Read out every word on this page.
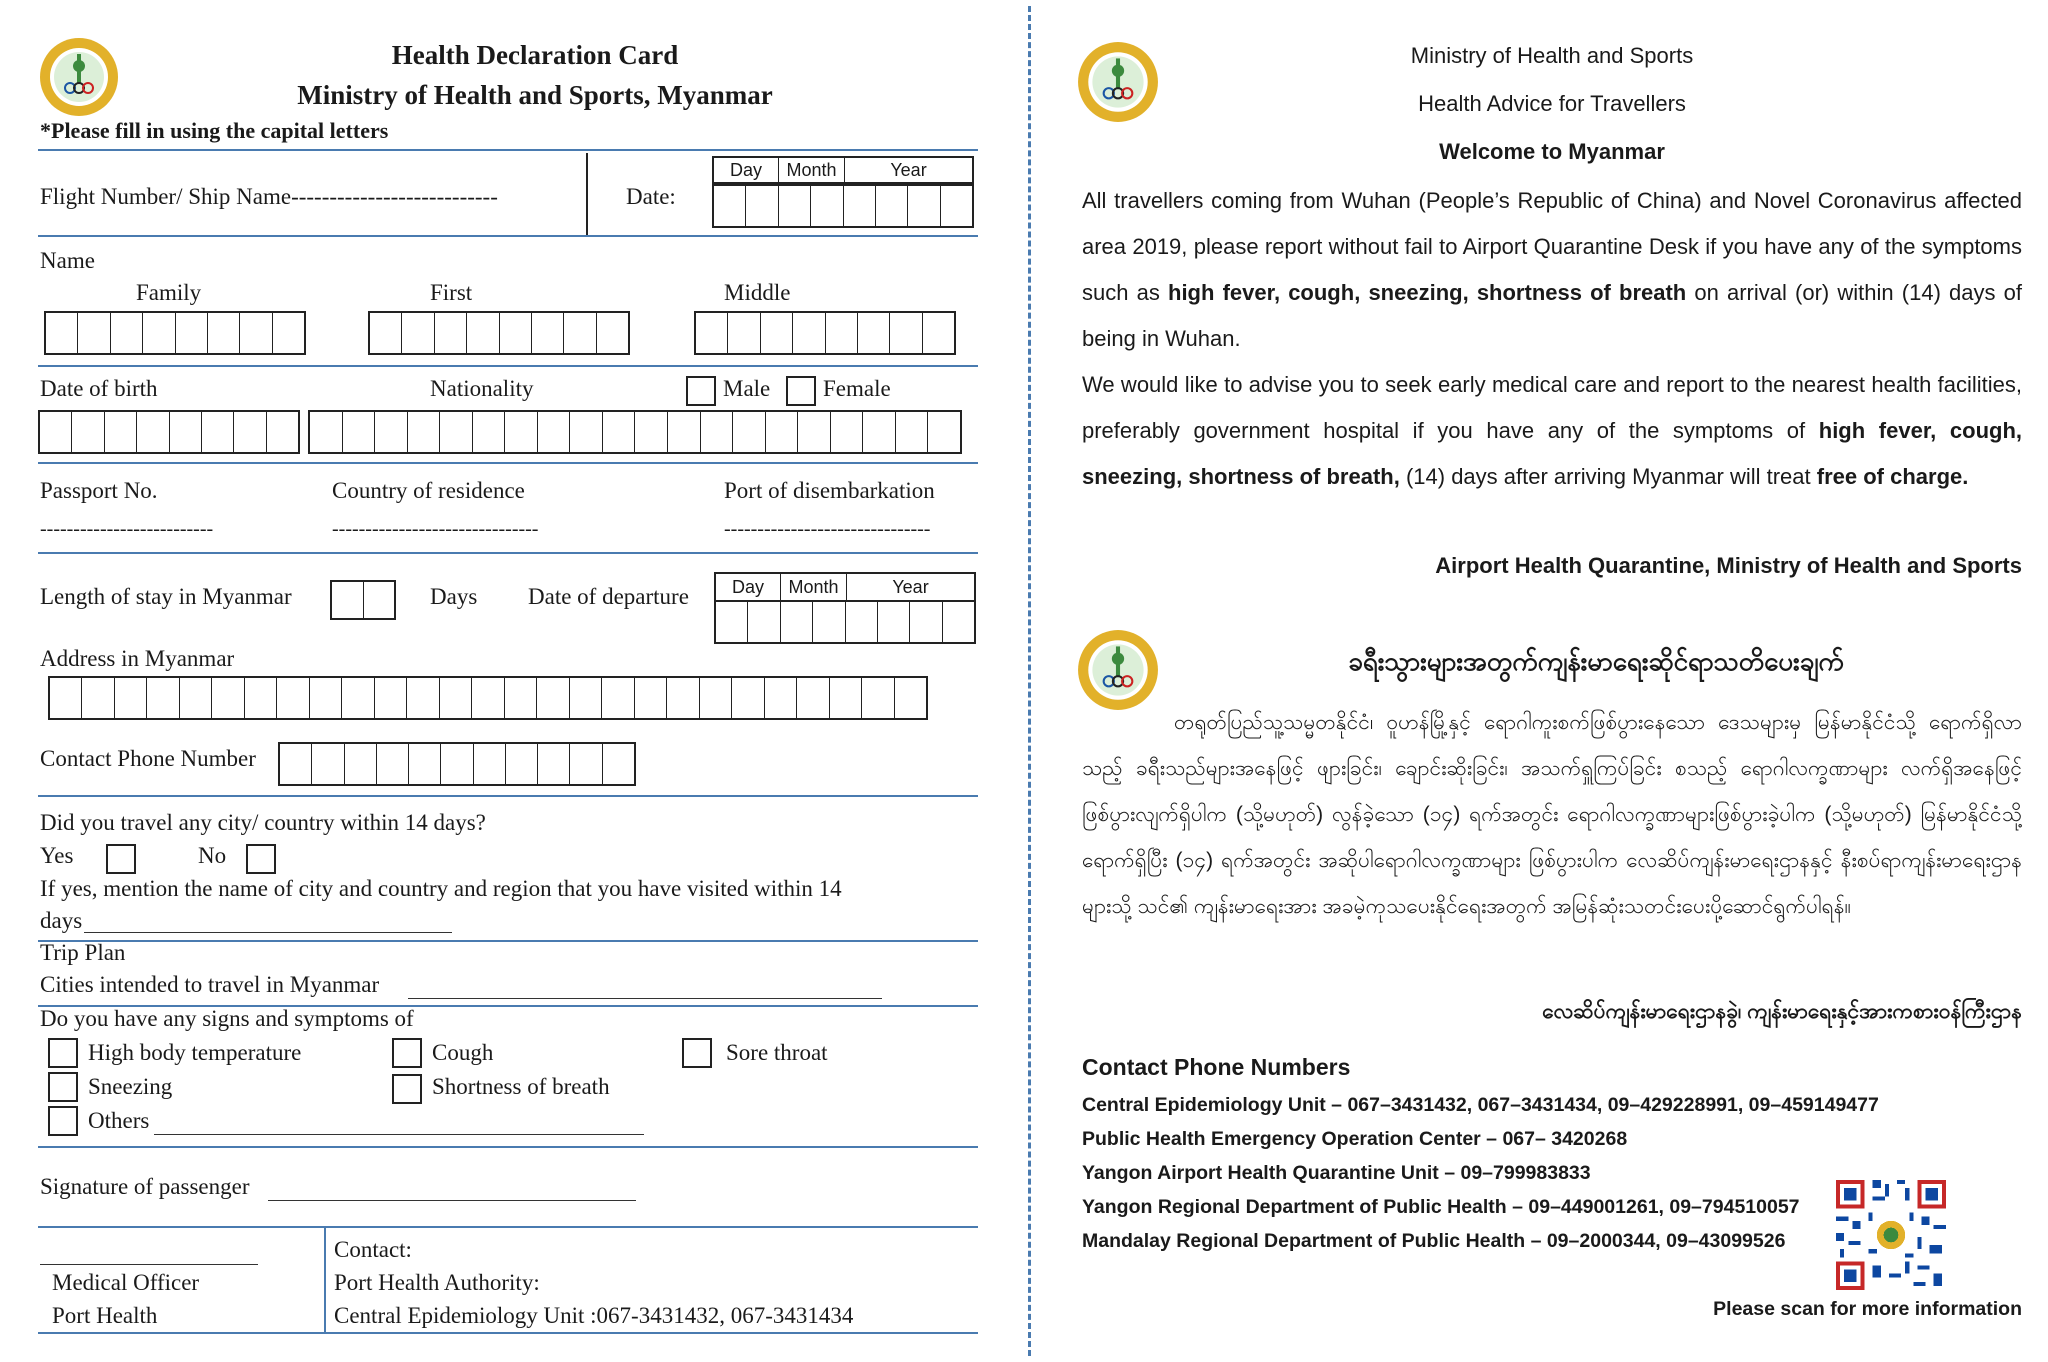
Health Declaration Card
Ministry of Health and Sports, Myanmar
*Please fill in using the capital letters
Flight Number/ Ship Name---------------------------	Date:
Day	Month	Year
Name
Family	First	Middle
Date of birth	Nationality	Male Female
Passport No.	Country of residence	Port of disembarkation
--------------------------	-------------------------------	-------------------------------
Length of stay in Myanmar	Days Date of departure	Day	Month	Year
Address in Myanmar
Contact Phone Number
Did you travel any city/ country within 14 days?
Yes	No
If yes, mention the name of city and country and region that you have visited within 14
days
Trip Plan
Cities intended to travel in Myanmar
Do you have any signs and symptoms of
High body temperature	Cough	Sore throat
Sneezing	Shortness of breath
Others
Signature of passenger
Medical Officer
Port Health
Contact:
Port Health Authority:
Central Epidemiology Unit :067-3431432, 067-3431434
Ministry of Health and Sports
Health Advice for Travellers
Welcome to Myanmar
All travellers coming from Wuhan (People’s Republic of China) and Novel Coronavirus affected area 2019, please report without fail to Airport Quarantine Desk if you have any of the symptoms such as high fever, cough, sneezing, shortness of breath on arrival (or) within (14) days of being in Wuhan.
We would like to advise you to seek early medical care and report to the nearest health facilities, preferably government hospital if you have any of the symptoms of high fever, cough, sneezing, shortness of breath, (14) days after arriving Myanmar will treat free of charge.
Airport Health Quarantine, Ministry of Health and Sports
ခရီးသွားများအတွက်ကျန်းမာရေးဆိုင်ရာသတိပေးချက်
တရုတ်ပြည်သူ့သမ္မတနိုင်ငံ၊ ဝူဟန်မြို့နှင့် ရောဂါကူးစက်ဖြစ်ပွားနေသော ဒေသများမှ မြန်မာနိုင်ငံသို့ ရောက်ရှိလာသည့် ခရီးသည်များအနေဖြင့် ဖျားခြင်း၊ ချောင်းဆိုးခြင်း၊ အသက်ရှူကြပ်ခြင်း စသည့် ရောဂါလက္ခဏာများ လက်ရှိအနေဖြင့် ဖြစ်ပွားလျက်ရှိပါက (သို့မဟုတ်) လွန်ခဲ့သော (၁၄) ရက်အတွင်း ရောဂါလက္ခဏာများဖြစ်ပွားခဲ့ပါက (သို့မဟုတ်) မြန်မာနိုင်ငံသို့ရောက်ရှိပြီး (၁၄) ရက်အတွင်း အဆိုပါရောဂါလက္ခဏာများ ဖြစ်ပွားပါက လေဆိပ်ကျန်းမာရေးဌာနနှင့် နီးစပ်ရာကျန်းမာရေးဌာနများသို့ သင်၏ ကျန်းမာရေးအား အခမဲ့ကုသပေးနိုင်ရေးအတွက် အမြန်ဆုံးသတင်းပေးပို့ဆောင်ရွက်ပါရန်။
လေဆိပ်ကျန်းမာရေးဌာနခွဲ၊ ကျန်းမာရေးနှင့်အားကစားဝန်ကြီးဌာန
Contact Phone Numbers
Central Epidemiology Unit – 067–3431432, 067–3431434, 09–429228991, 09–459149477
Public Health Emergency Operation Center – 067– 3420268
Yangon Airport Health Quarantine Unit – 09–799983833
Yangon Regional Department of Public Health – 09–449001261, 09–794510057
Mandalay Regional Department of Public Health – 09–2000344, 09–43099526
Please scan for more information
